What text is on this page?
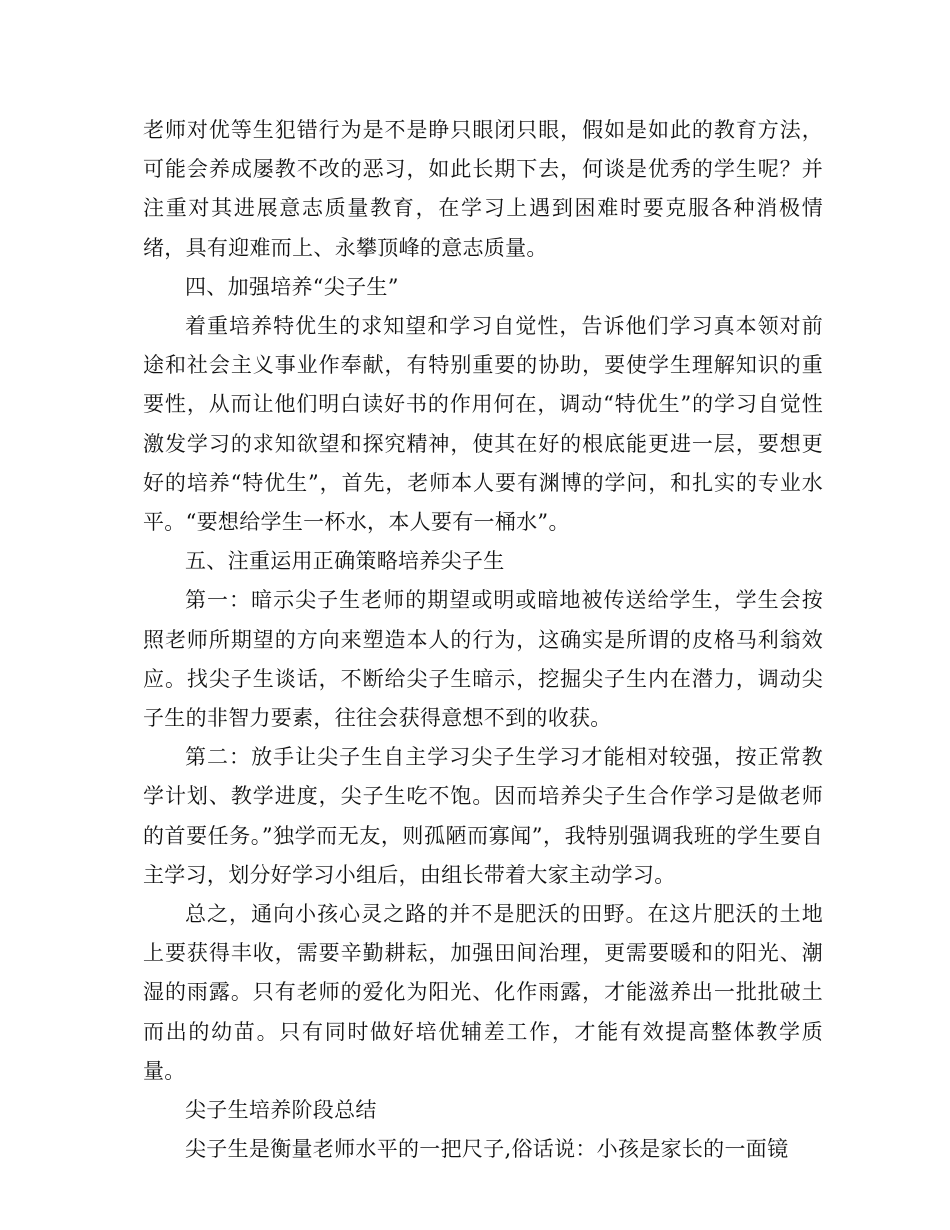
老师对优等生犯错行为是不是睁只眼闭只眼，假如是如此的教育方法，可能会养成屡教不改的恶习，如此长期下去，何谈是优秀的学生呢？并注重对其进展意志质量教育，在学习上遇到困难时要克服各种消极情绪，具有迎难而上、永攀顶峰的意志质量。

四、加强培养“尖子生”

着重培养特优生的求知望和学习自觉性，告诉他们学习真本领对前途和社会主义事业作奉献，有特别重要的协助，要使学生理解知识的重要性，从而让他们明白读好书的作用何在，调动“特优生”的学习自觉性激发学习的求知欲望和探究精神，使其在好的根底能更进一层，要想更好的培养“特优生”，首先，老师本人要有渊博的学问，和扎实的专业水平。“要想给学生一杯水，本人要有一桶水”。

五、注重运用正确策略培养尖子生

第一：暗示尖子生老师的期望或明或暗地被传送给学生，学生会按照老师所期望的方向来塑造本人的行为，这确实是所谓的皮格马利翁效应。找尖子生谈话，不断给尖子生暗示，挖掘尖子生内在潜力，调动尖子生的非智力要素，往往会获得意想不到的收获。

第二：放手让尖子生自主学习尖子生学习才能相对较强，按正常教学计划、教学进度，尖子生吃不饱。因而培养尖子生合作学习是做老师的首要任务。”独学而无友，则孤陋而寡闻”，我特别强调我班的学生要自主学习，划分好学习小组后，由组长带着大家主动学习。

总之，通向小孩心灵之路的并不是肥沃的田野。在这片肥沃的土地上要获得丰收，需要辛勤耕耘，加强田间治理，更需要暖和的阳光、潮湿的雨露。只有老师的爱化为阳光、化作雨露，才能滋养出一批批破土而出的幼苗。只有同时做好培优辅差工作，才能有效提高整体教学质量。

尖子生培养阶段总结

尖子生是衡量老师水平的一把尺子,俗话说：小孩是家长的一面镜
